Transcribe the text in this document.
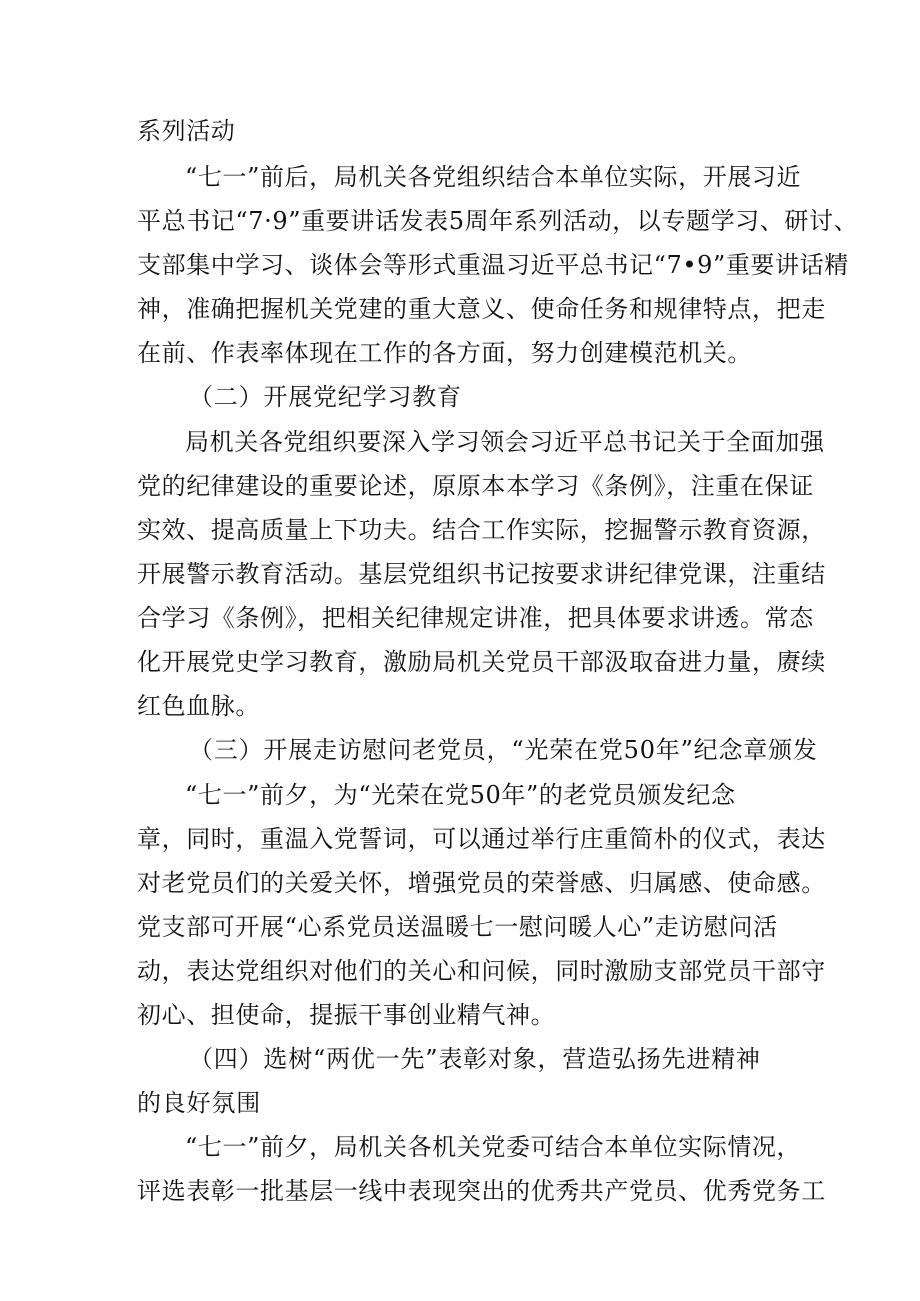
系列活动
“七一”前后，局机关各党组织结合本单位实际，开展习近
平总书记“7·9”重要讲话发表5周年系列活动，以专题学习、研讨、
支部集中学习、谈体会等形式重温习近平总书记“7•9”重要讲话精
神，准确把握机关党建的重大意义、使命任务和规律特点，把走
在前、作表率体现在工作的各方面，努力创建模范机关。
（二）开展党纪学习教育
局机关各党组织要深入学习领会习近平总书记关于全面加强
党的纪律建设的重要论述，原原本本学习《条例》，注重在保证
实效、提高质量上下功夫。结合工作实际，挖掘警示教育资源，
开展警示教育活动。基层党组织书记按要求讲纪律党课，注重结
合学习《条例》，把相关纪律规定讲准，把具体要求讲透。常态
化开展党史学习教育，激励局机关党员干部汲取奋进力量，赓续
红色血脉。
（三）开展走访慰问老党员，“光荣在党50年”纪念章颁发
“七一”前夕，为“光荣在党50年”的老党员颁发纪念
章，同时，重温入党誓词，可以通过举行庄重简朴的仪式，表达
对老党员们的关爱关怀，增强党员的荣誉感、归属感、使命感。
党支部可开展“心系党员送温暖七一慰问暖人心”走访慰问活
动，表达党组织对他们的关心和问候，同时激励支部党员干部守
初心、担使命，提振干事创业精气神。
（四）选树“两优一先”表彰对象，营造弘扬先进精神
的良好氛围
“七一”前夕，局机关各机关党委可结合本单位实际情况，
评选表彰一批基层一线中表现突出的优秀共产党员、优秀党务工
